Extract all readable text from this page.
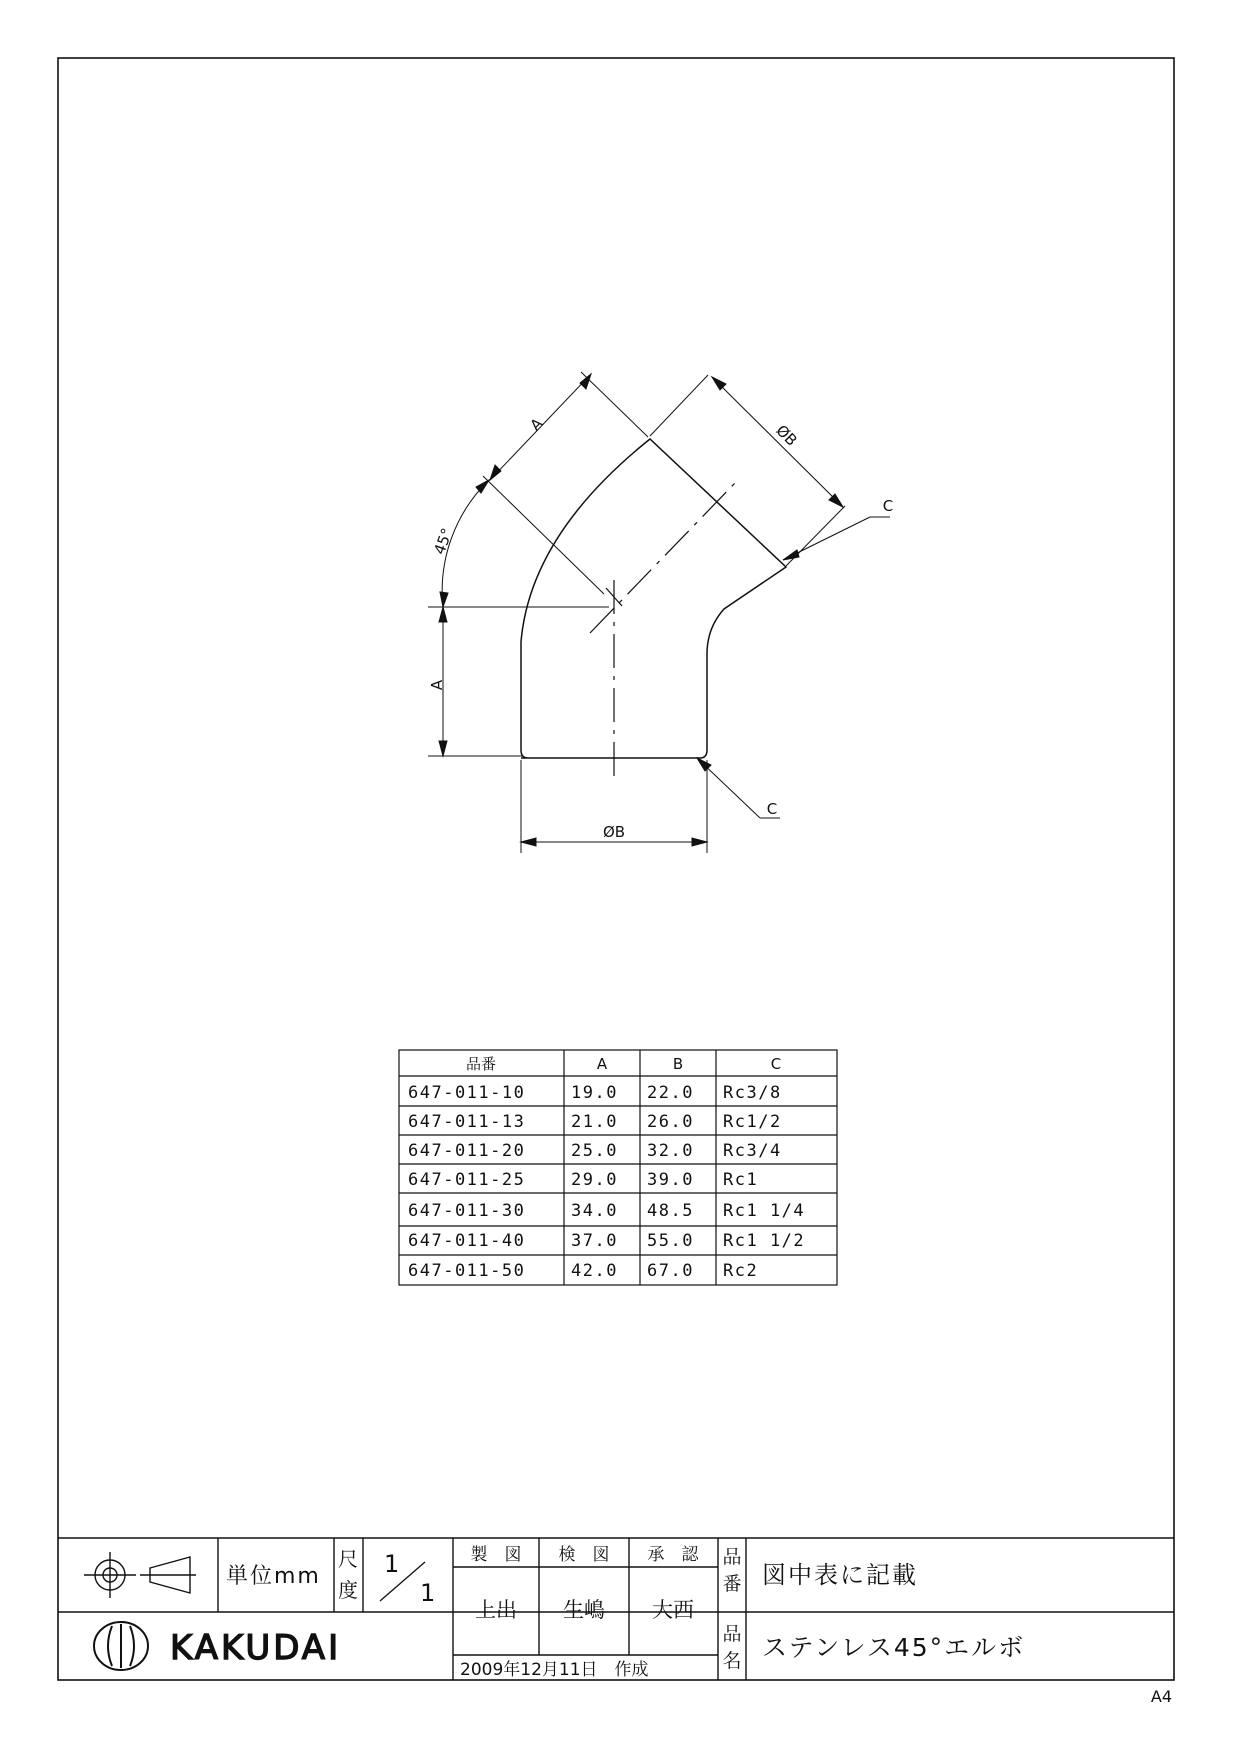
A
A
ØB
ØB
45°
C
C
品番	A	B	C
647-011-10	19.0 22.0 Rc3/8
647-011-13	21.0 26.0 Rc1/2
647-011-20	25.0 32.0 Rc3/4
647-011-25	29.0 39.0 Rc1
647-011-30	34.0 48.5 Rc1 1/4
647-011-40	37.0 55.0 Rc1 1/2
647-011-50	42.0 67.0 Rc2
単位mm
尺
度
1
1
製　図 検　図 承　認
上出 生嶋 大西
2009年12月11日　作成
品
番 図中表に記載
品
名 ステンレス45°エルボ
KAKUDAI
A4
